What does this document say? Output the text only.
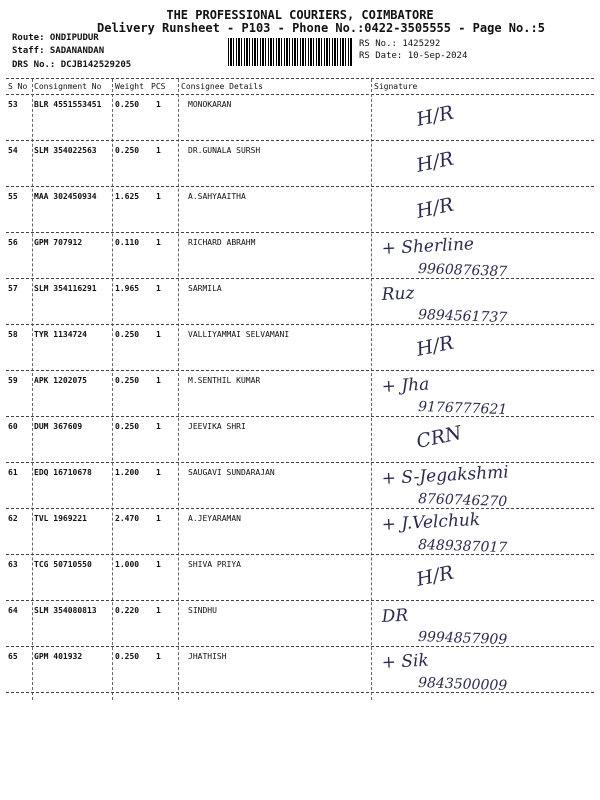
THE PROFESSIONAL COURIERS, COIMBATORE
Delivery Runsheet - P103 - Phone No.:0422-3505555 - Page No.:5
Route: ONDIPUDUR
Staff: SADANANDAN
DRS No.: DCJB142529205
RS No.: 1425292
RS Date: 10-Sep-2024
S No Consignment No Weight PCS Consignee Details	Signature
53 BLR 4551553451 0.250 1	MONOKARAN	H/R
54 SLM 354022563 0.250 1	DR.GUNALA SURSH	H/R
55 MAA 302450934 1.625 1	A.SAHYAAITHA	H/R
56 GPM 707912	0.110 1	RICHARD ABRAHM	+ Sherline
9960876387
57 SLM 354116291 1.965 1	SARMILA	Ruz
9894561737
58 TYR 1134724	0.250 1	VALLIYAMMAI SELVAMANI	H/R
59 APK 1202075	0.250 1	M.SENTHIL KUMAR	+ Jha
9176777621
60 DUM 367609	0.250 1	JEEVIKA SHRI	CRN
61 EDQ 16710678	1.200 1	SAUGAVI SUNDARAJAN	+ S-Jegakshmi
8760746270
62 TVL 1969221	2.470 1	A.JEYARAMAN	+ J.Velchuk
8489387017
63 TCG 50710550	1.000 1	SHIVA PRIYA	H/R
64 SLM 354080813 0.220 1	SINDHU	DR
9994857909
65 GPM 401932	0.250 1	JHATHISH	+ Sik
9843500009
